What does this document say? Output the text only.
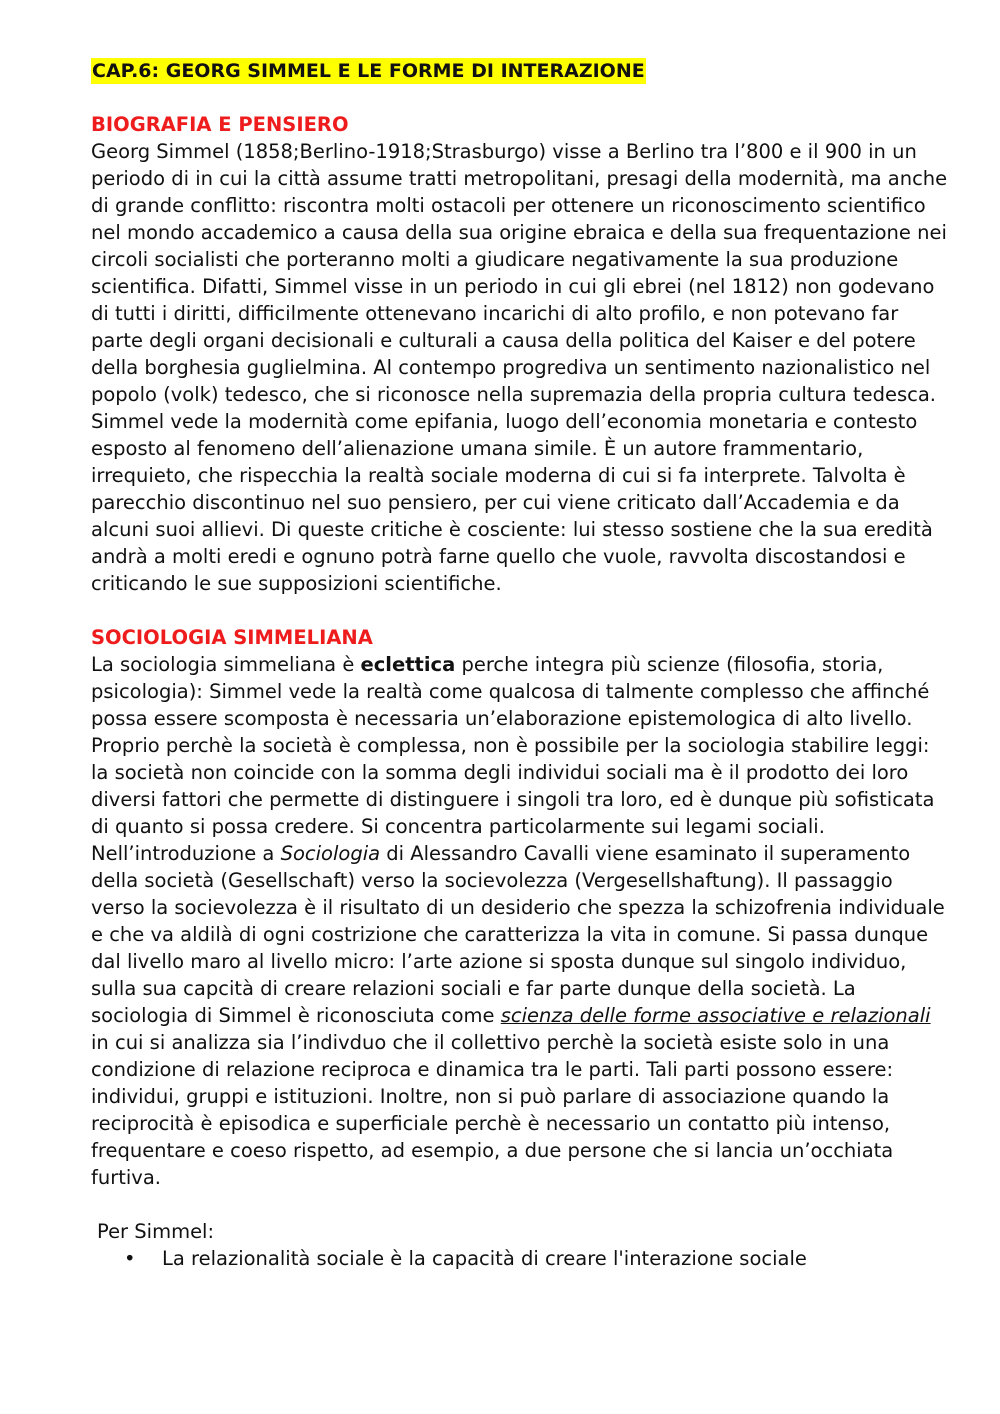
CAP.6: GEORG SIMMEL E LE FORME DI INTERAZIONE

BIOGRAFIA E PENSIERO

Georg Simmel (1858;Berlino-1918;Strasburgo) visse a Berlino tra l’800 e il 900 in un periodo di in cui la città assume tratti metropolitani, presagi della modernità, ma anche di grande conflitto: riscontra molti ostacoli per ottenere un riconoscimento scientifico nel mondo accademico a causa della sua origine ebraica e della sua frequentazione nei circoli socialisti che porteranno molti a giudicare negativamente la sua produzione scientifica. Difatti, Simmel visse in un periodo in cui gli ebrei (nel 1812) non godevano di tutti i diritti, difficilmente ottenevano incarichi di alto profilo, e non potevano far parte degli organi decisionali e culturali a causa della politica del Kaiser e del potere della borghesia guglielmina. Al contempo progrediva un sentimento nazionalistico nel popolo (volk) tedesco, che si riconosce nella supremazia della propria cultura tedesca.

Simmel vede la modernità come epifania, luogo dell’economia monetaria e contesto esposto al fenomeno dell’alienazione umana simile. È un autore frammentario, irrequieto, che rispecchia la realtà sociale moderna di cui si fa interprete. Talvolta è parecchio discontinuo nel suo pensiero, per cui viene criticato dall’Accademia e da alcuni suoi allievi. Di queste critiche è cosciente: lui stesso sostiene che la sua eredità andrà a molti eredi e ognuno potrà farne quello che vuole, ravvolta discostandosi e criticando le sue supposizioni scientifiche.

SOCIOLOGIA SIMMELIANA

La sociologia simmeliana è eclettica perche integra più scienze (filosofia, storia, psicologia): Simmel vede la realtà come qualcosa di talmente complesso che affinché possa essere scomposta è necessaria un’elaborazione epistemologica di alto livello. Proprio perchè la società è complessa, non è possibile per la sociologia stabilire leggi: la società non coincide con la somma degli individui sociali ma è il prodotto dei loro diversi fattori che permette di distinguere i singoli tra loro, ed è dunque più sofisticata di quanto si possa credere. Si concentra particolarmente sui legami sociali.

Nell’introduzione a Sociologia di Alessandro Cavalli viene esaminato il superamento della società (Gesellschaft) verso la socievolezza (Vergesellshaftung). Il passaggio verso la socievolezza è il risultato di un desiderio che spezza la schizofrenia individuale e che va aldilà di ogni costrizione che caratterizza la vita in comune. Si passa dunque dal livello maro al livello micro: l’arte azione si sposta dunque sul singolo individuo, sulla sua capcità di creare relazioni sociali e far parte dunque della società. La sociologia di Simmel è riconosciuta come scienza delle forme associative e relazionali in cui si analizza sia l’indivduo che il collettivo perchè la società esiste solo in una condizione di relazione reciproca e dinamica tra le parti. Tali parti possono essere: individui, gruppi e istituzioni. Inoltre, non si può parlare di associazione quando la reciprocità è episodica e superficiale perchè è necessario un contatto più intenso, frequentare e coeso rispetto, ad esempio, a due persone che si lancia un’occhiata furtiva.

Per Simmel:

• La relazionalità sociale è la capacità di creare l'interazione sociale
